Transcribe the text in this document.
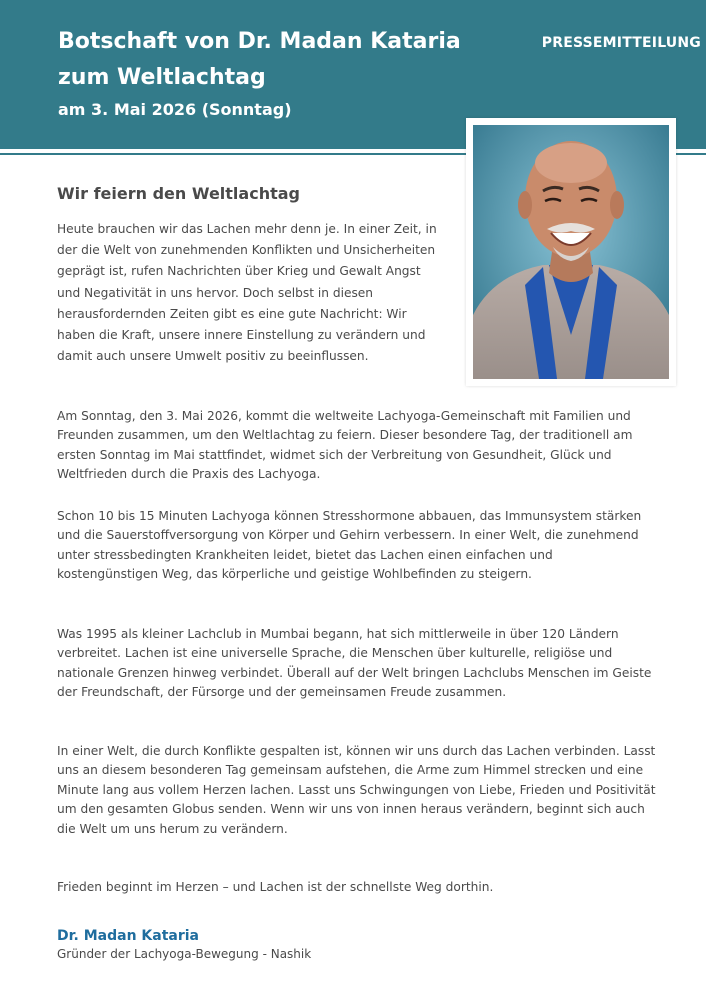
Botschaft von Dr. Madan Kataria zum Weltlachtag
am 3. Mai 2026 (Sonntag)
PRESSEMITTEILUNG
Wir feiern den Weltlachtag

Heute brauchen wir das Lachen mehr denn je. In einer Zeit, in der die Welt von zunehmenden Konflikten und Unsicherheiten geprägt ist, rufen Nachrichten über Krieg und Gewalt Angst und Negativität in uns hervor. Doch selbst in diesen herausfordernden Zeiten gibt es eine gute Nachricht: Wir haben die Kraft, unsere innere Einstellung zu verändern und damit auch unsere Umwelt positiv zu beeinflussen.

Am Sonntag, den 3. Mai 2026, kommt die weltweite Lachyoga-Gemeinschaft mit Familien und Freunden zusammen, um den Weltlachtag zu feiern. Dieser besondere Tag, der traditionell am ersten Sonntag im Mai stattfindet, widmet sich der Verbreitung von Gesundheit, Glück und Weltfrieden durch die Praxis des Lachyoga.

Schon 10 bis 15 Minuten Lachyoga können Stresshormone abbauen, das Immunsystem stärken und die Sauerstoffversorgung von Körper und Gehirn verbessern. In einer Welt, die zunehmend unter stressbedingten Krankheiten leidet, bietet das Lachen einen einfachen und kostengünstigen Weg, das körperliche und geistige Wohlbefinden zu steigern.

Was 1995 als kleiner Lachclub in Mumbai begann, hat sich mittlerweile in über 120 Ländern verbreitet. Lachen ist eine universelle Sprache, die Menschen über kulturelle, religiöse und nationale Grenzen hinweg verbindet. Überall auf der Welt bringen Lachclubs Menschen im Geiste der Freundschaft, der Fürsorge und der gemeinsamen Freude zusammen.

In einer Welt, die durch Konflikte gespalten ist, können wir uns durch das Lachen verbinden. Lasst uns an diesem besonderen Tag gemeinsam aufstehen, die Arme zum Himmel strecken und eine Minute lang aus vollem Herzen lachen. Lasst uns Schwingungen von Liebe, Frieden und Positivität um den gesamten Globus senden. Wenn wir uns von innen heraus verändern, beginnt sich auch die Welt um uns herum zu verändern.

Frieden beginnt im Herzen – und Lachen ist der schnellste Weg dorthin.

Dr. Madan Kataria
Gründer der Lachyoga-Bewegung - Nashik
